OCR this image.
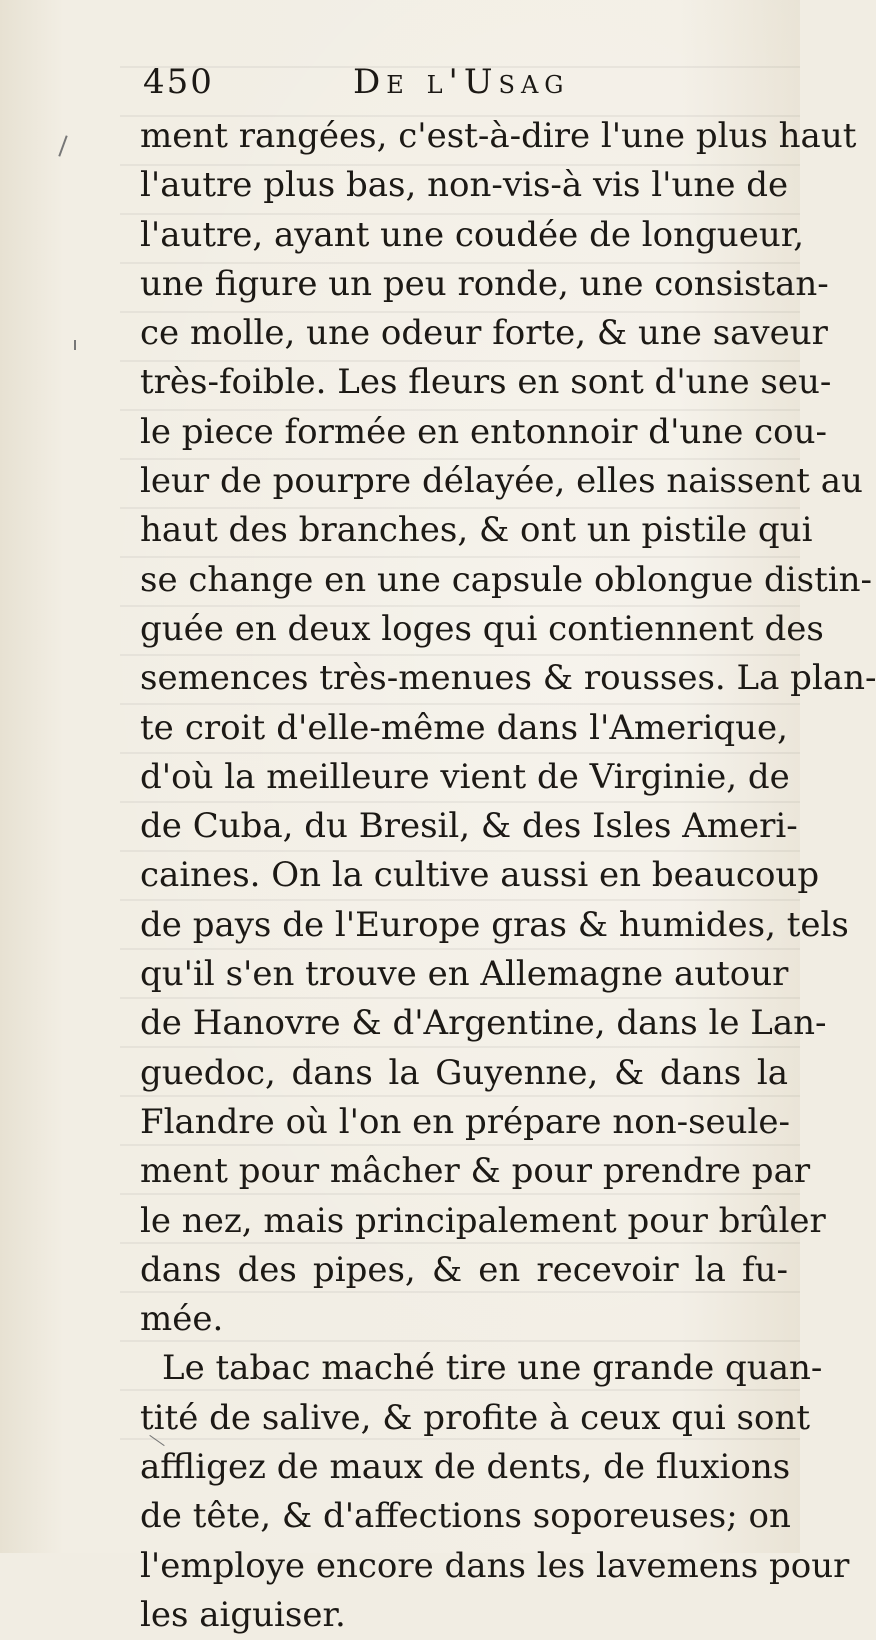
450	De l'Usag
ment rangées, c'est-à-dire l'une plus haut
l'autre plus bas, non-vis-à vis l'une de
l'autre, ayant une coudée de longueur,
une figure un peu ronde, une consistan-
ce molle, une odeur forte, & une saveur
très-foible. Les fleurs en sont d'une seu-
le piece formée en entonnoir d'une cou-
leur de pourpre délayée, elles naissent au
haut des branches, & ont un pistile qui
se change en une capsule oblongue distin-
guée en deux loges qui contiennent des
semences très-menues & rousses. La plan-
te croit d'elle-même dans l'Amerique,
d'où la meilleure vient de Virginie, de
de Cuba, du Bresil, & des Isles Ameri-
caines. On la cultive aussi en beaucoup
de pays de l'Europe gras & humides, tels
qu'il s'en trouve en Allemagne autour
de Hanovre & d'Argentine, dans le Lan-
guedoc, dans la Guyenne, & dans la
Flandre où l'on en prépare non-seule-
ment pour mâcher & pour prendre par
le nez, mais principalement pour brûler
dans des pipes, & en recevoir la fu-
mée.
Le tabac maché tire une grande quan-
tité de salive, & profite à ceux qui sont
affligez de maux de dents, de fluxions
de tête, & d'affections soporeuses; on
l'employe encore dans les lavemens pour
les aiguiser.
